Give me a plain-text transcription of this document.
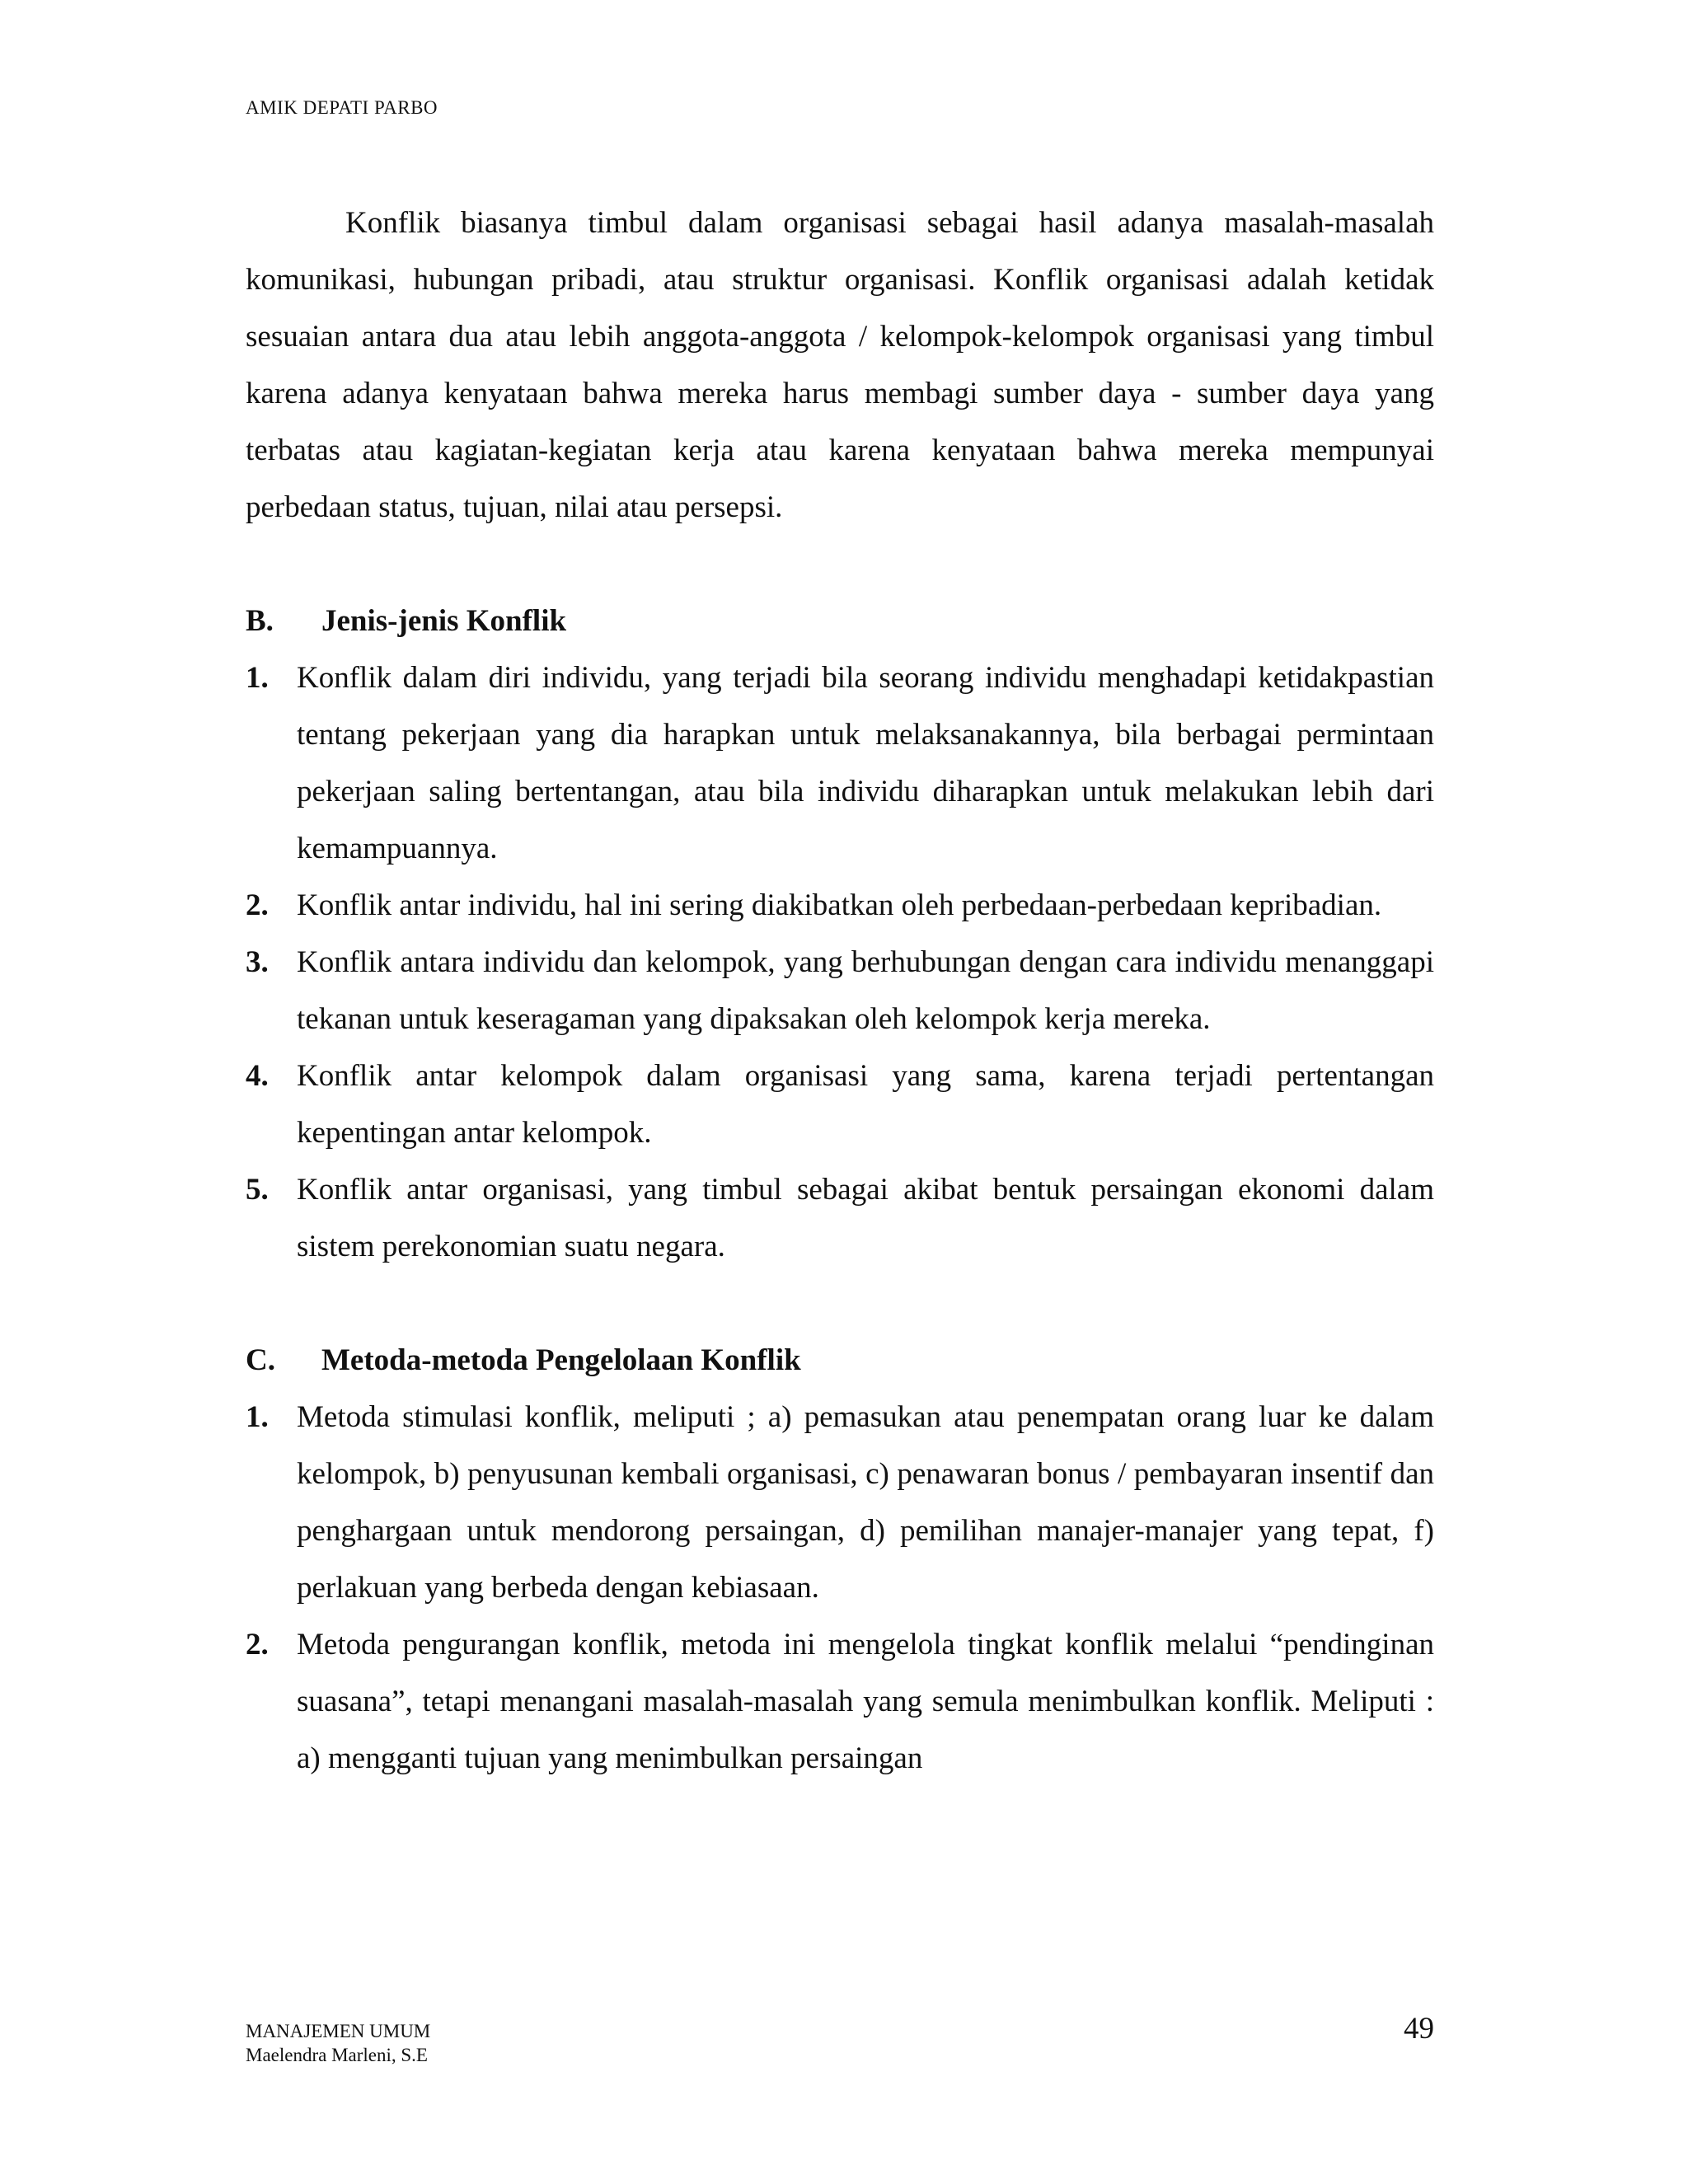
AMIK DEPATI PARBO

Konflik biasanya timbul dalam organisasi sebagai hasil adanya masalah-masalah komunikasi, hubungan pribadi, atau struktur organisasi. Konflik organisasi adalah ketidak sesuaian antara dua atau lebih anggota-anggota / kelompok-kelompok organisasi yang timbul karena adanya kenyataan bahwa mereka harus membagi sumber daya - sumber daya yang terbatas atau kagiatan-kegiatan kerja atau karena kenyataan bahwa mereka mempunyai perbedaan status, tujuan, nilai atau persepsi.

B.	Jenis-jenis Konflik
1. Konflik dalam diri individu, yang terjadi bila seorang individu menghadapi ketidakpastian tentang pekerjaan yang dia harapkan untuk melaksanakannya, bila berbagai permintaan pekerjaan saling bertentangan, atau bila individu diharapkan untuk melakukan lebih dari kemampuannya.
2. Konflik antar individu, hal ini sering diakibatkan oleh perbedaan-perbedaan kepribadian.
3. Konflik antara individu dan kelompok, yang berhubungan dengan cara individu menanggapi tekanan untuk keseragaman yang dipaksakan oleh kelompok kerja mereka.
4. Konflik antar kelompok dalam organisasi yang sama, karena terjadi pertentangan kepentingan antar kelompok.
5. Konflik antar organisasi, yang timbul sebagai akibat bentuk persaingan ekonomi dalam sistem perekonomian suatu negara.
C.	Metoda-metoda Pengelolaan Konflik
1. Metoda stimulasi konflik, meliputi ; a) pemasukan atau penempatan orang luar ke dalam kelompok, b) penyusunan kembali organisasi, c) penawaran bonus / pembayaran insentif dan penghargaan untuk mendorong persaingan, d) pemilihan manajer-manajer yang tepat, f) perlakuan yang berbeda dengan kebiasaan.
2. Metoda pengurangan konflik, metoda ini mengelola tingkat konflik melalui “pendinginan suasana”, tetapi menangani masalah-masalah yang semula menimbulkan konflik. Meliputi : a) mengganti tujuan yang menimbulkan persaingan
MANAJEMEN UMUM
Maelendra Marleni, S.E
49
